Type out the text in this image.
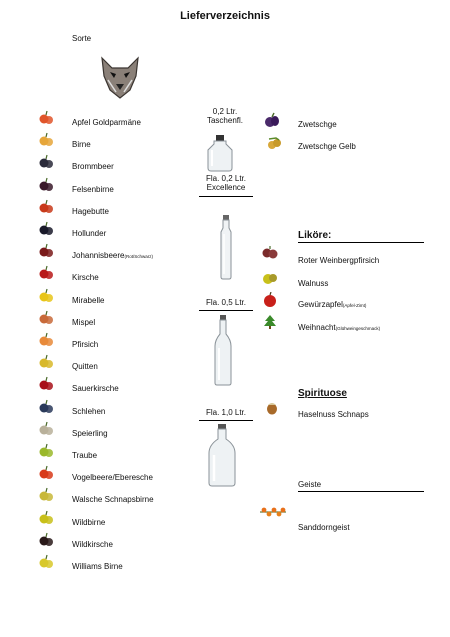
Lieferverzeichnis
Sorte
Apfel Goldparmäne
Birne
Brommbeer
Felsenbirne
Hagebutte
Hollunder
Johannisbeere(Rot/Schwarz)
Kirsche
Mirabelle
Mispel
Pfirsich
Quitten
Sauerkirsche
Schlehen
Speierling
Traube
Vogelbeere/Eberesche
Walsche Schnapsbirne
Wildbirne
Wildkirsche
Williams Birne
0,2 Ltr.
Taschenfl.
Fla. 0,2 Ltr.
Excellence
Fla. 0,5 Ltr.
Fla. 1,0 Ltr.
Zwetschge
Zwetschge Gelb
Liköre:
Roter Weinbergpfirsich
Walnuss
Gewürzapfel(Apfel-Zimt)
Weihnacht(Glühweingeschmack)
Spirituose
Haselnuss Schnaps
Geiste
Sanddorngeist
